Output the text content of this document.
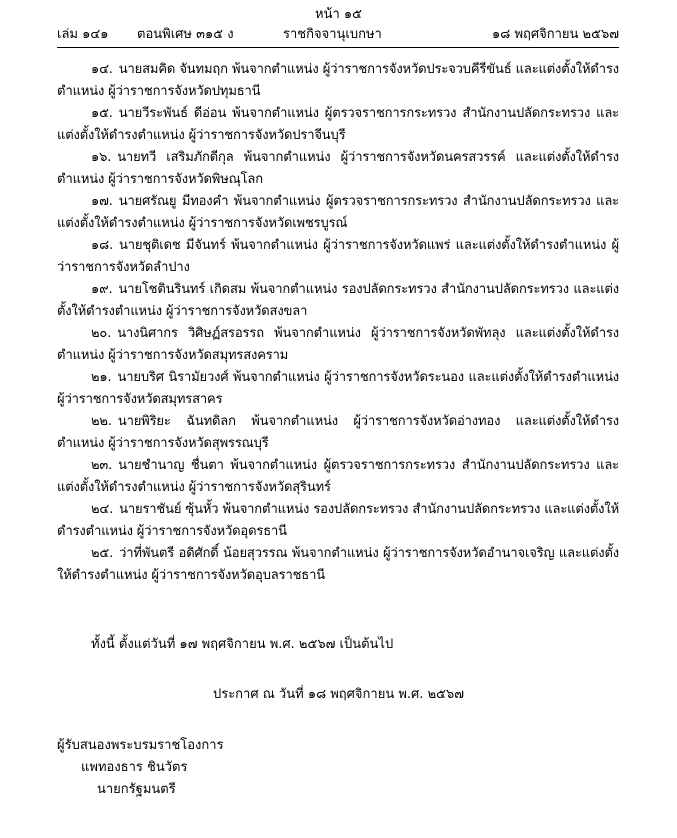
หน้า ๑๕
เล่ม ๑๔๑ ตอนพิเศษ ๓๑๕ ง	ราชกิจจานุเบกษา	๑๘ พฤศจิกายน ๒๕๖๗
๑๔. นายสมคิด จันทมฤก พ้นจากตำแหน่ง ผู้ว่าราชการจังหวัดประจวบคีรีขันธ์ และแต่งตั้งให้ดำรงตำแหน่ง ผู้ว่าราชการจังหวัดปทุมธานี
๑๕. นายวีระพันธ์ ดีอ่อน พ้นจากตำแหน่ง ผู้ตรวจราชการกระทรวง สำนักงานปลัดกระทรวง และแต่งตั้งให้ดำรงตำแหน่ง ผู้ว่าราชการจังหวัดปราจีนบุรี
๑๖. นายทวี เสริมภักดีกุล พ้นจากตำแหน่ง ผู้ว่าราชการจังหวัดนครสวรรค์ และแต่งตั้งให้ดำรงตำแหน่ง ผู้ว่าราชการจังหวัดพิษณุโลก
๑๗. นายศรัณยู มีทองคำ พ้นจากตำแหน่ง ผู้ตรวจราชการกระทรวง สำนักงานปลัดกระทรวง และแต่งตั้งให้ดำรงตำแหน่ง ผู้ว่าราชการจังหวัดเพชรบูรณ์
๑๘. นายชุติเดช มีจันทร์ พ้นจากตำแหน่ง ผู้ว่าราชการจังหวัดแพร่ และแต่งตั้งให้ดำรงตำแหน่ง ผู้ว่าราชการจังหวัดลำปาง
๑๙. นายโชตินรินทร์ เกิดสม พ้นจากตำแหน่ง รองปลัดกระทรวง สำนักงานปลัดกระทรวง และแต่งตั้งให้ดำรงตำแหน่ง ผู้ว่าราชการจังหวัดสงขลา
๒๐. นางนิศากร วิศิษฏ์สรอรรถ พ้นจากตำแหน่ง ผู้ว่าราชการจังหวัดพัทลุง และแต่งตั้งให้ดำรงตำแหน่ง ผู้ว่าราชการจังหวัดสมุทรสงคราม
๒๑. นายบริศ นิรามัยวงศ์ พ้นจากตำแหน่ง ผู้ว่าราชการจังหวัดระนอง และแต่งตั้งให้ดำรงตำแหน่ง ผู้ว่าราชการจังหวัดสมุทรสาคร
๒๒. นายพิริยะ ฉันทดิลก พ้นจากตำแหน่ง ผู้ว่าราชการจังหวัดอ่างทอง และแต่งตั้งให้ดำรงตำแหน่ง ผู้ว่าราชการจังหวัดสุพรรณบุรี
๒๓. นายชำนาญ ชื่นตา พ้นจากตำแหน่ง ผู้ตรวจราชการกระทรวง สำนักงานปลัดกระทรวง และแต่งตั้งให้ดำรงตำแหน่ง ผู้ว่าราชการจังหวัดสุรินทร์
๒๔. นายราชันย์ ซุ้นหั้ว พ้นจากตำแหน่ง รองปลัดกระทรวง สำนักงานปลัดกระทรวง และแต่งตั้งให้ดำรงตำแหน่ง ผู้ว่าราชการจังหวัดอุดรธานี
๒๕. ว่าที่พันตรี อดิศักดิ์ น้อยสุวรรณ พ้นจากตำแหน่ง ผู้ว่าราชการจังหวัดอำนาจเจริญ และแต่งตั้งให้ดำรงตำแหน่ง ผู้ว่าราชการจังหวัดอุบลราชธานี

ทั้งนี้ ตั้งแต่วันที่ ๑๗ พฤศจิกายน พ.ศ. ๒๕๖๗ เป็นต้นไป

ประกาศ ณ วันที่ ๑๘ พฤศจิกายน พ.ศ. ๒๕๖๗

ผู้รับสนองพระบรมราชโองการ
แพทองธาร ชินวัตร
นายกรัฐมนตรี
